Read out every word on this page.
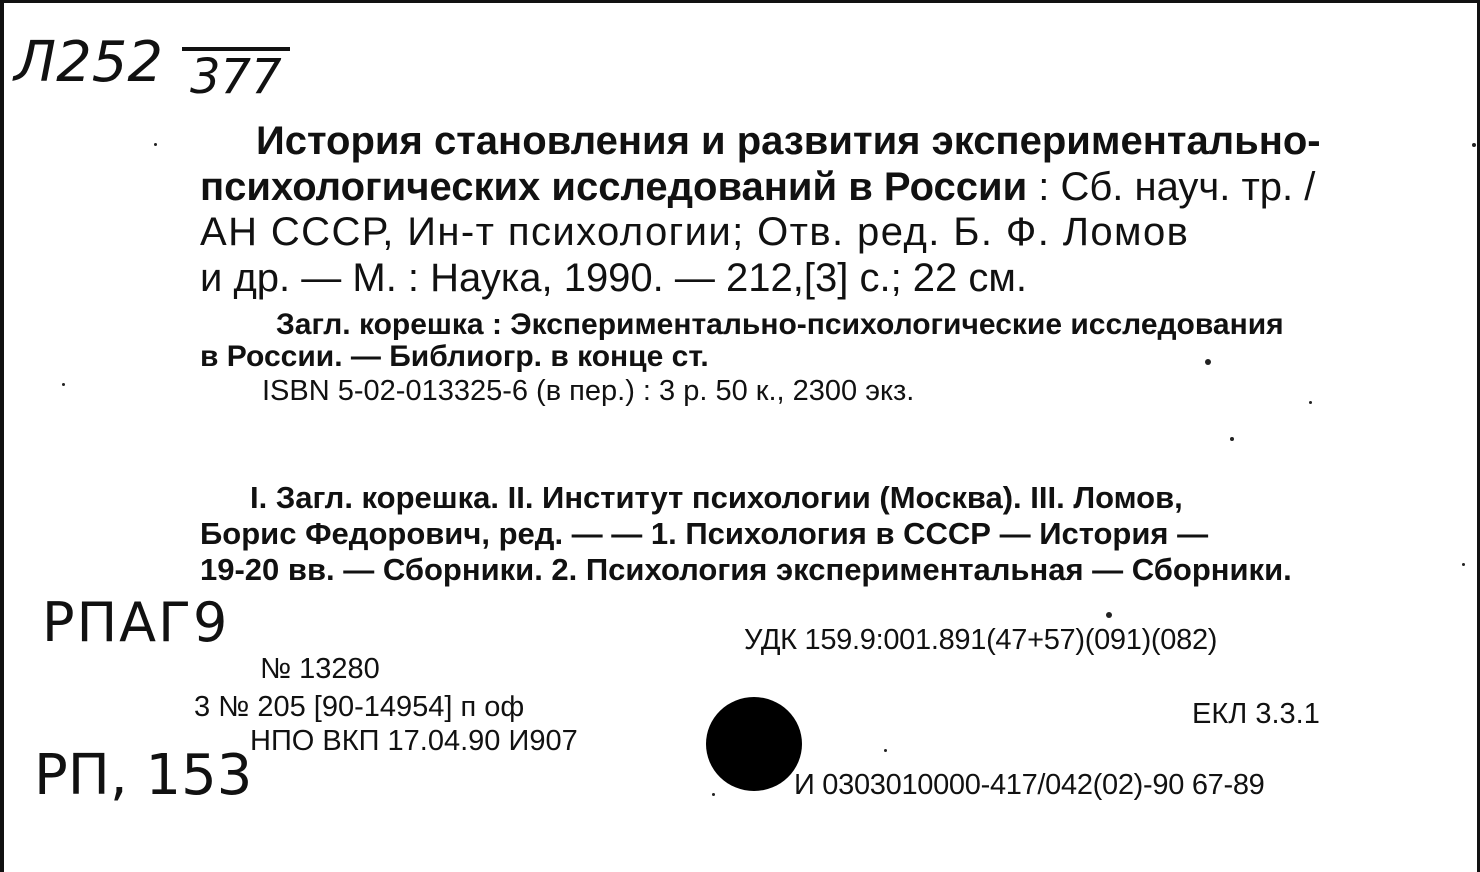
Л252 377
История становления и развития экспериментально-
психологических исследований в России : Сб. науч. тр. /
АН СССР, Ин-т психологии; Отв. ред. Б. Ф. Ломов
и др. — М. : Наука, 1990. — 212,[3] с.; 22 см.
Загл. корешка : Экспериментально-психологические исследования
в России. — Библиогр. в конце ст.
ISBN 5-02-013325-6 (в пер.) : 3 р. 50 к., 2300 экз.
I. Загл. корешка. II. Институт психологии (Москва). III. Ломов,
Борис Федорович, ред. — — 1. Психология в СССР — История —
19-20 вв. — Сборники. 2. Психология экспериментальная — Сборники.
РПАГ9
РП, 153
УДК 159.9:001.891(47+57)(091)(082)
№ 13280
3 № 205 [90-14954] п оф
НПО ВКП 17.04.90 И907
ЕКЛ 3.3.1
И 0303010000-417/042(02)-90 67-89
